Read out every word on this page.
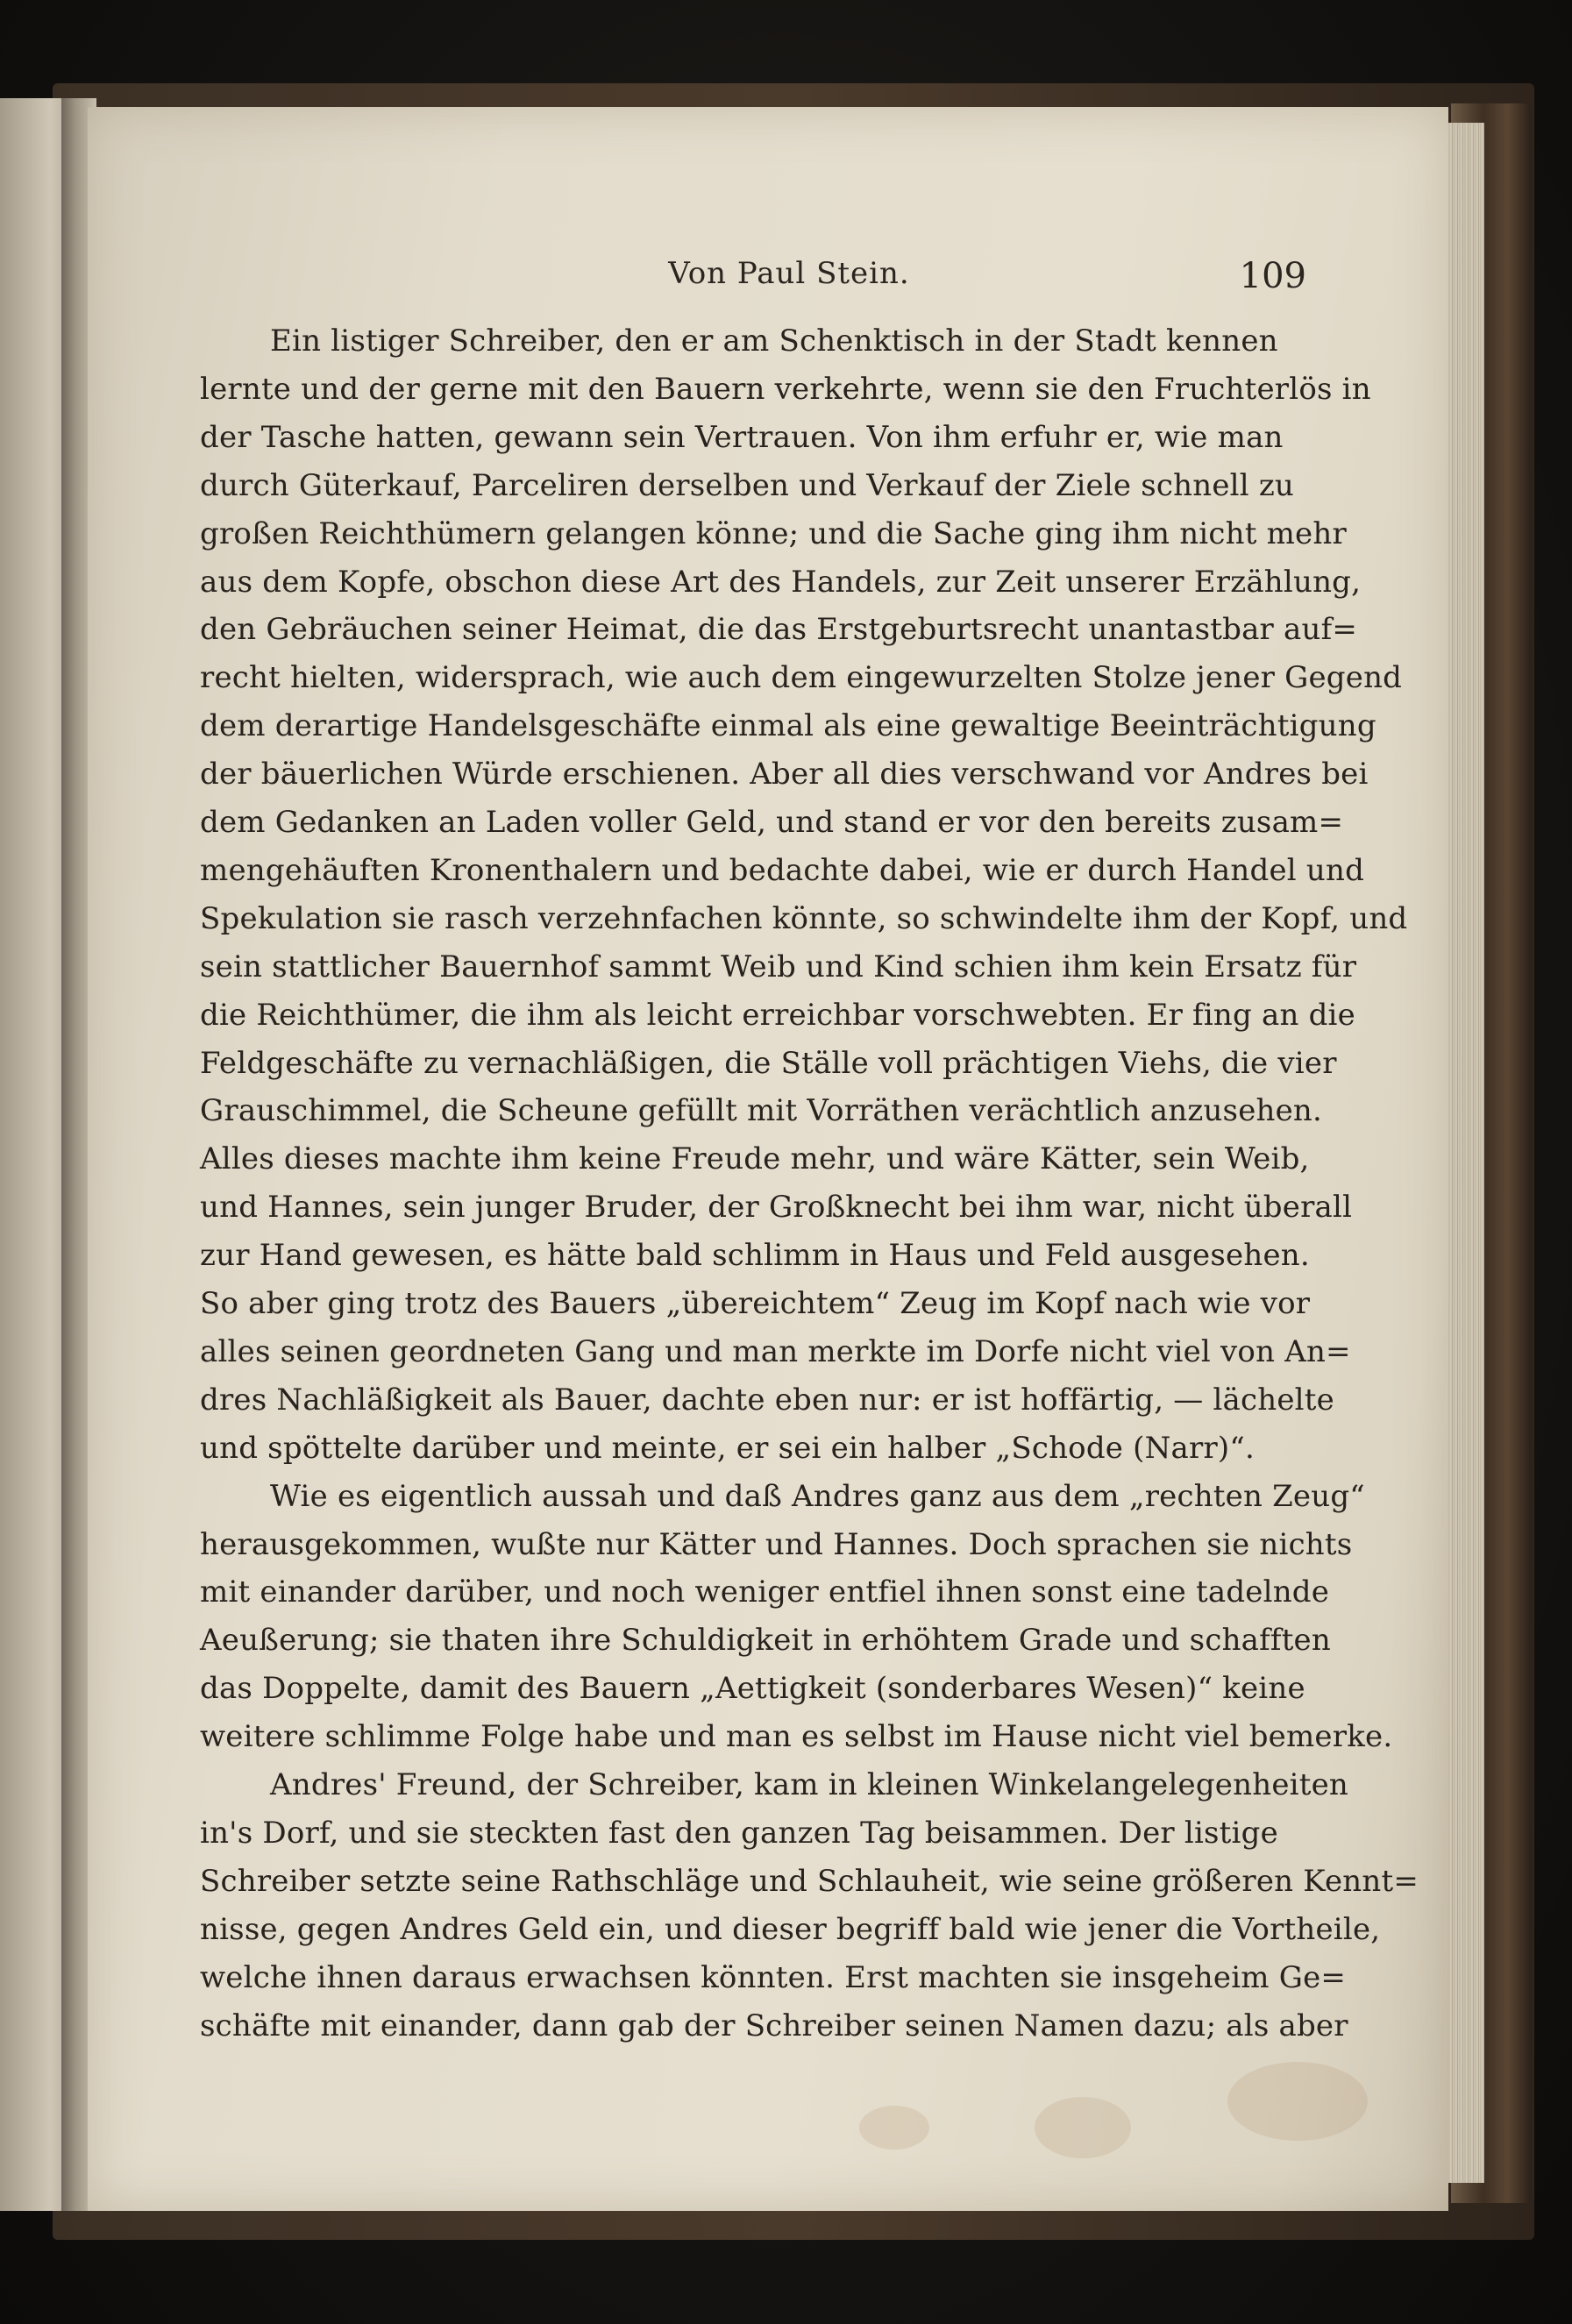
Von Paul Stein.	109
Ein listiger Schreiber, den er am Schenktisch in der Stadt kennen
lernte und der gerne mit den Bauern verkehrte, wenn sie den Fruchterlös in
der Tasche hatten, gewann sein Vertrauen. Von ihm erfuhr er, wie man
durch Güterkauf, Parceliren derselben und Verkauf der Ziele schnell zu
großen Reichthümern gelangen könne; und die Sache ging ihm nicht mehr
aus dem Kopfe, obschon diese Art des Handels, zur Zeit unserer Erzählung,
den Gebräuchen seiner Heimat, die das Erstgeburtsrecht unantastbar auf=
recht hielten, widersprach, wie auch dem eingewurzelten Stolze jener Gegend
dem derartige Handelsgeschäfte einmal als eine gewaltige Beeinträchtigung
der bäuerlichen Würde erschienen. Aber all dies verschwand vor Andres bei
dem Gedanken an Laden voller Geld, und stand er vor den bereits zusam=
mengehäuften Kronenthalern und bedachte dabei, wie er durch Handel und
Spekulation sie rasch verzehnfachen könnte, so schwindelte ihm der Kopf, und
sein stattlicher Bauernhof sammt Weib und Kind schien ihm kein Ersatz für
die Reichthümer, die ihm als leicht erreichbar vorschwebten. Er fing an die
Feldgeschäfte zu vernachläßigen, die Ställe voll prächtigen Viehs, die vier
Grauschimmel, die Scheune gefüllt mit Vorräthen verächtlich anzusehen.
Alles dieses machte ihm keine Freude mehr, und wäre Kätter, sein Weib,
und Hannes, sein junger Bruder, der Großknecht bei ihm war, nicht überall
zur Hand gewesen, es hätte bald schlimm in Haus und Feld ausgesehen.
So aber ging trotz des Bauers „übereichtem“ Zeug im Kopf nach wie vor
alles seinen geordneten Gang und man merkte im Dorfe nicht viel von An=
dres Nachläßigkeit als Bauer, dachte eben nur: er ist hoffärtig, — lächelte
und spöttelte darüber und meinte, er sei ein halber „Schode (Narr)“.
Wie es eigentlich aussah und daß Andres ganz aus dem „rechten Zeug“
herausgekommen, wußte nur Kätter und Hannes. Doch sprachen sie nichts
mit einander darüber, und noch weniger entfiel ihnen sonst eine tadelnde
Aeußerung; sie thaten ihre Schuldigkeit in erhöhtem Grade und schafften
das Doppelte, damit des Bauern „Aettigkeit (sonderbares Wesen)“ keine
weitere schlimme Folge habe und man es selbst im Hause nicht viel bemerke.
Andres' Freund, der Schreiber, kam in kleinen Winkelangelegenheiten
in's Dorf, und sie steckten fast den ganzen Tag beisammen. Der listige
Schreiber setzte seine Rathschläge und Schlauheit, wie seine größeren Kennt=
nisse, gegen Andres Geld ein, und dieser begriff bald wie jener die Vortheile,
welche ihnen daraus erwachsen könnten. Erst machten sie insgeheim Ge=
schäfte mit einander, dann gab der Schreiber seinen Namen dazu; als aber
